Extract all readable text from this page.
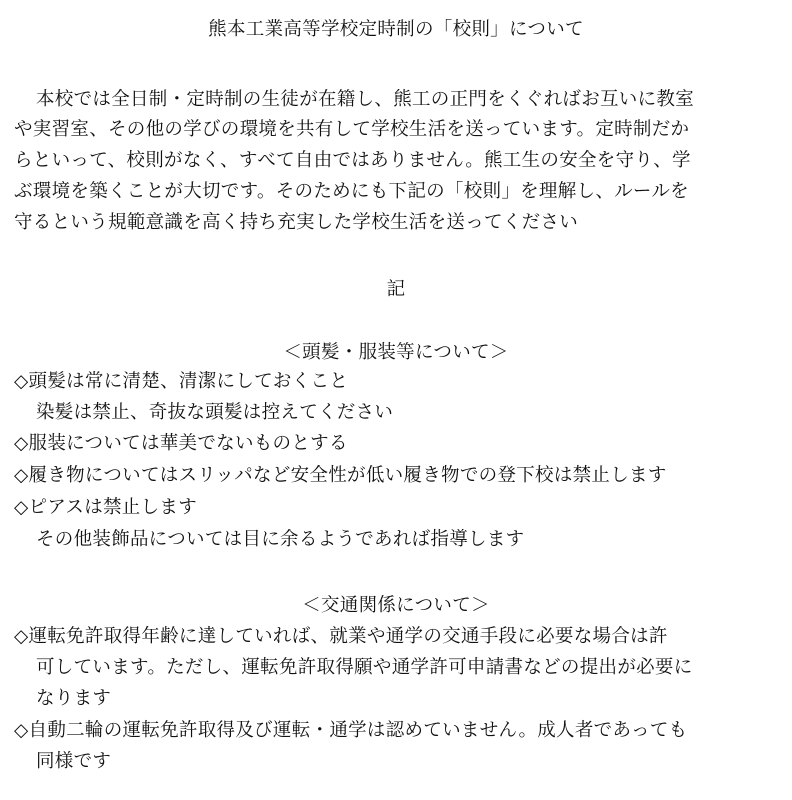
熊本工業高等学校定時制の「校則」について
本校では全日制・定時制の生徒が在籍し、熊工の正門をくぐればお互いに教室
や実習室、その他の学びの環境を共有して学校生活を送っています。定時制だか
らといって、校則がなく、すべて自由ではありません。熊工生の安全を守り、学
ぶ環境を築くことが大切です。そのためにも下記の「校則」を理解し、ルールを
守るという規範意識を高く持ち充実した学校生活を送ってください
記
＜頭髪・服装等について＞
◇頭髪は常に清楚、清潔にしておくこと
染髪は禁止、奇抜な頭髪は控えてください
◇服装については華美でないものとする
◇履き物についてはスリッパなど安全性が低い履き物での登下校は禁止します
◇ピアスは禁止します
その他装飾品については目に余るようであれば指導します
＜交通関係について＞
◇運転免許取得年齢に達していれば、就業や通学の交通手段に必要な場合は許
可しています。ただし、運転免許取得願や通学許可申請書などの提出が必要に
なります
◇自動二輪の運転免許取得及び運転・通学は認めていません。成人者であっても
同様です
